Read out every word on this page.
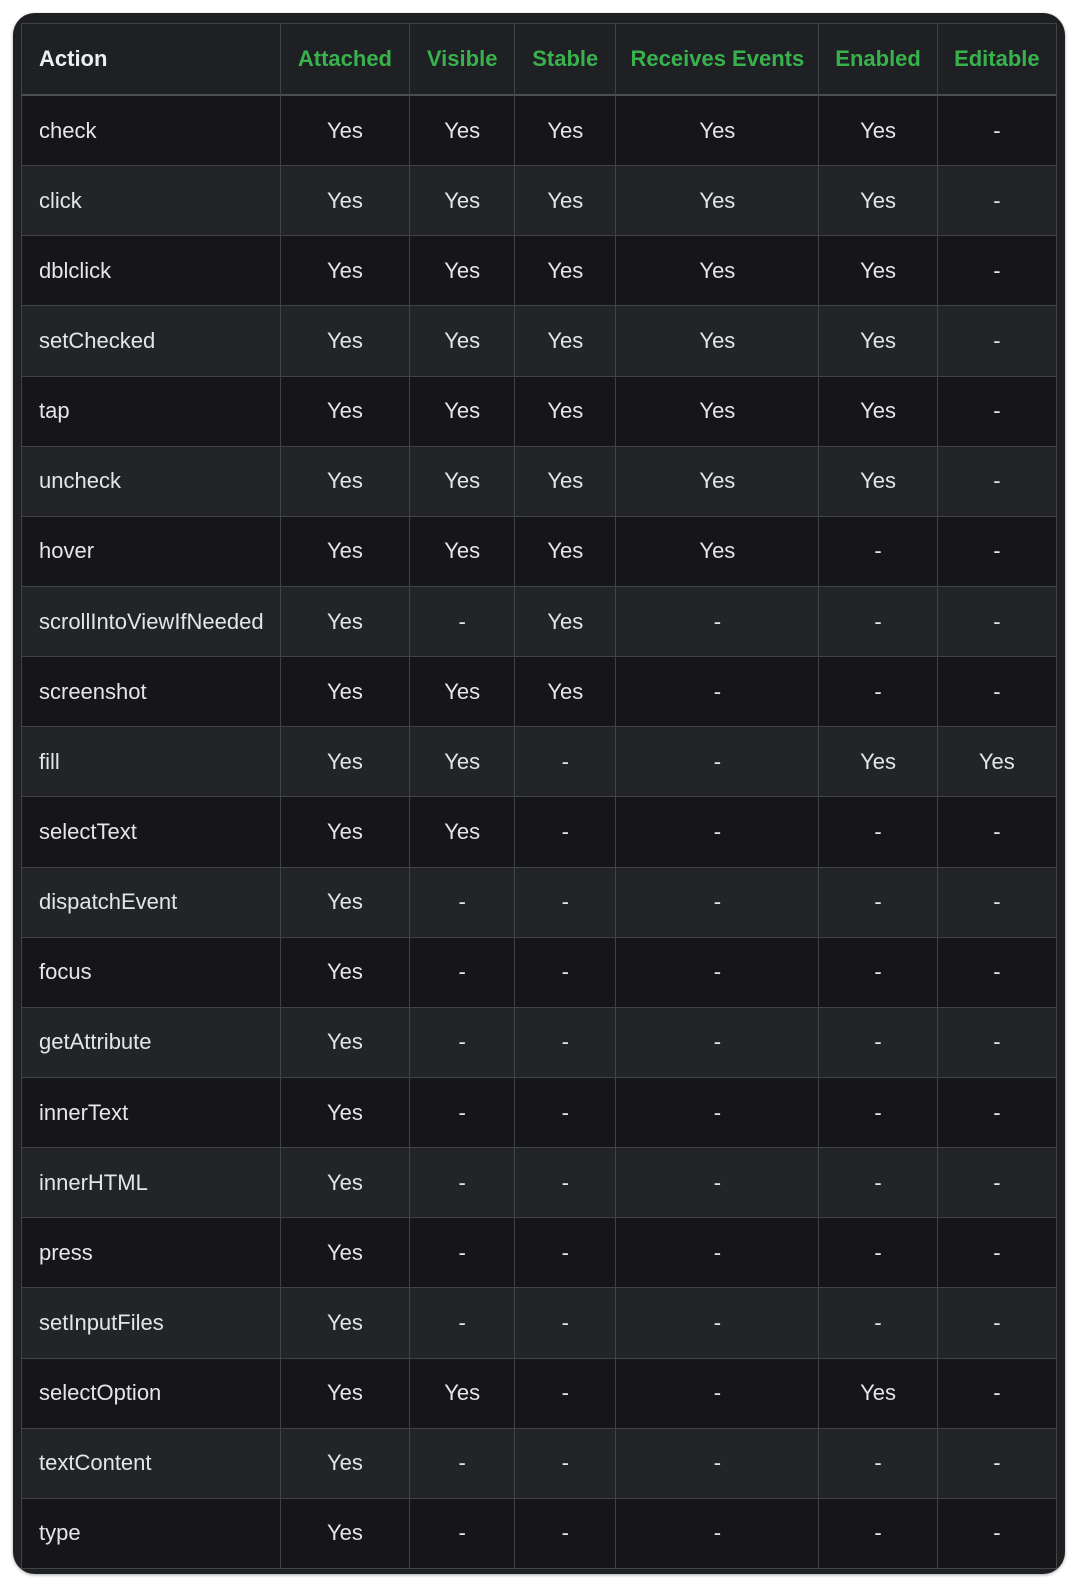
Action	Attached	Visible	Stable	Receives Events	Enabled	Editable
check	Yes	Yes	Yes	Yes	Yes	-
click	Yes	Yes	Yes	Yes	Yes	-
dblclick	Yes	Yes	Yes	Yes	Yes	-
setChecked	Yes	Yes	Yes	Yes	Yes	-
tap	Yes	Yes	Yes	Yes	Yes	-
uncheck	Yes	Yes	Yes	Yes	Yes	-
hover	Yes	Yes	Yes	Yes	-	-
scrollIntoViewIfNeeded	Yes	-	Yes	-	-	-
screenshot	Yes	Yes	Yes	-	-	-
fill	Yes	Yes	-	-	Yes	Yes
selectText	Yes	Yes	-	-	-	-
dispatchEvent	Yes	-	-	-	-	-
focus	Yes	-	-	-	-	-
getAttribute	Yes	-	-	-	-	-
innerText	Yes	-	-	-	-	-
innerHTML	Yes	-	-	-	-	-
press	Yes	-	-	-	-	-
setInputFiles	Yes	-	-	-	-	-
selectOption	Yes	Yes	-	-	Yes	-
textContent	Yes	-	-	-	-	-
type	Yes	-	-	-	-	-
